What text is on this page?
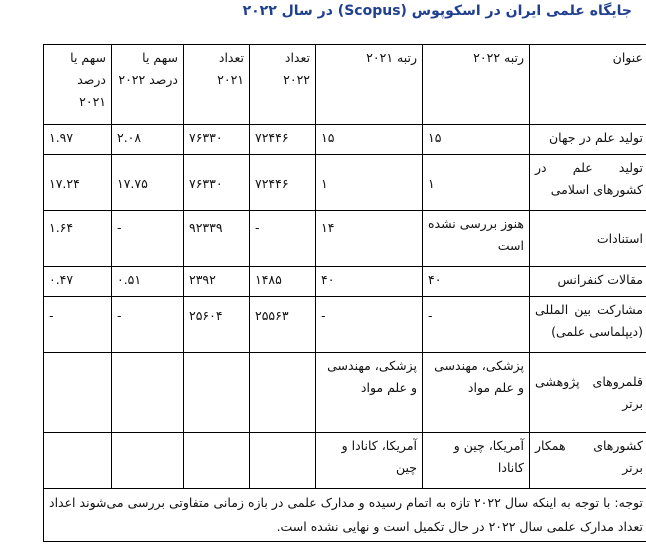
جایگاه علمی ایران در اسکوپوس (Scopus) در سال ۲۰۲۲
عنوان	رتبه ۲۰۲۲	رتبه ۲۰۲۱	تعداد ۲۰۲۲	تعداد ۲۰۲۱	سهم یا درصد ۲۰۲۲	سهم یا درصد ۲۰۲۱
تولید علم در جهان	۱۵	۱۵	۷۲۴۴۶	۷۶۳۳۰	۲.۰۸	۱.۹۷
تولید علم در کشورهای اسلامی	۱	۱	۷۲۴۴۶	۷۶۳۳۰	۱۷.۷۵	۱۷.۲۴
استنادات	هنوز بررسی نشده است	۱۴	-	۹۲۳۳۹	-	۱.۶۴
مقالات کنفرانس	۴۰	۴۰	۱۴۸۵	۲۳۹۲	۰.۵۱	۰.۴۷
مشارکت بین المللی (دیپلماسی علمی)	-	-	۲۵۵۶۳	۲۵۶۰۴	-	-
قلمروهای پژوهشی برتر	پزشکی، مهندسی و علم مواد	پزشکی، مهندسی و علم مواد				
کشورهای همکار برتر	آمریکا، چین و کانادا	آمریکا، کانادا و چین				
توجه: با توجه به اینکه سال ۲۰۲۲ تازه به اتمام رسیده و مدارک علمی در بازه زمانی متفاوتی بررسی می‌شوند اعداد تعداد مدارک علمی سال ۲۰۲۲ در حال تکمیل است و نهایی نشده است.						
